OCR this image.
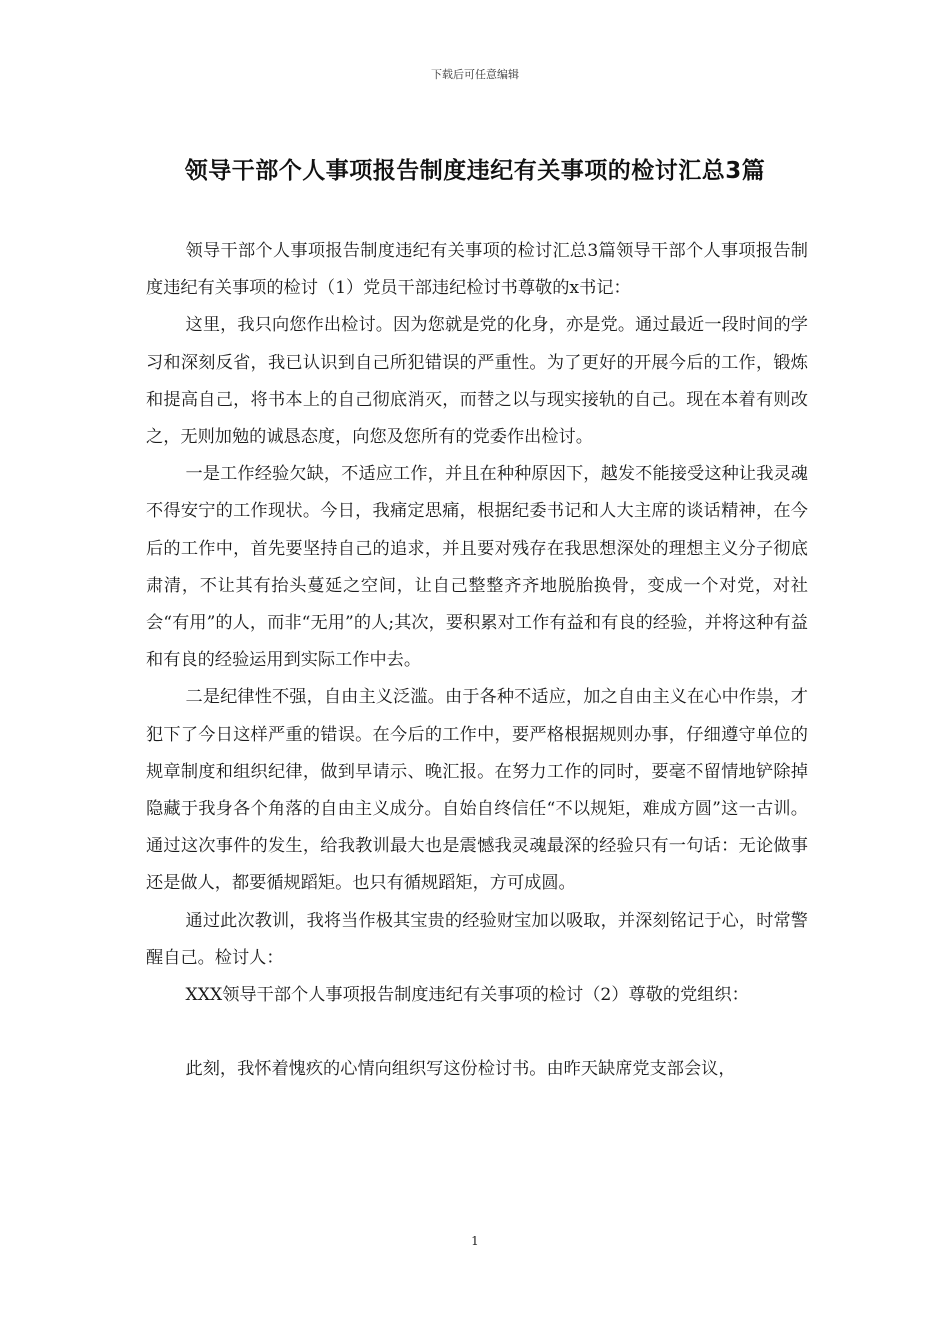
下载后可任意编辑
领导干部个人事项报告制度违纪有关事项的检讨汇总3篇

领导干部个人事项报告制度违纪有关事项的检讨汇总3篇领导干部个人事项报告制度违纪有关事项的检讨（1）党员干部违纪检讨书尊敬的x书记：

这里，我只向您作出检讨。因为您就是党的化身，亦是党。通过最近一段时间的学习和深刻反省，我已认识到自己所犯错误的严重性。为了更好的开展今后的工作，锻炼和提高自己，将书本上的自己彻底消灭，而替之以与现实接轨的自己。现在本着有则改之，无则加勉的诚恳态度，向您及您所有的党委作出检讨。

一是工作经验欠缺，不适应工作，并且在种种原因下，越发不能接受这种让我灵魂不得安宁的工作现状。今日，我痛定思痛，根据纪委书记和人大主席的谈话精神，在今后的工作中，首先要坚持自己的追求，并且要对残存在我思想深处的理想主义分子彻底肃清，不让其有抬头蔓延之空间，让自己整整齐齐地脱胎换骨，变成一个对党，对社会“有用”的人，而非“无用”的人;其次，要积累对工作有益和有良的经验，并将这种有益和有良的经验运用到实际工作中去。

二是纪律性不强，自由主义泛滥。由于各种不适应，加之自由主义在心中作祟，才犯下了今日这样严重的错误。在今后的工作中，要严格根据规则办事，仔细遵守单位的规章制度和组织纪律，做到早请示、晚汇报。在努力工作的同时，要毫不留情地铲除掉隐藏于我身各个角落的自由主义成分。自始自终信任“不以规矩，难成方圆”这一古训。通过这次事件的发生，给我教训最大也是震憾我灵魂最深的经验只有一句话：无论做事还是做人，都要循规蹈矩。也只有循规蹈矩，方可成圆。

通过此次教训，我将当作极其宝贵的经验财宝加以吸取，并深刻铭记于心，时常警醒自己。检讨人：

XXX领导干部个人事项报告制度违纪有关事项的检讨（2）尊敬的党组织：

此刻，我怀着愧疚的心情向组织写这份检讨书。由昨天缺席党支部会议，

1
